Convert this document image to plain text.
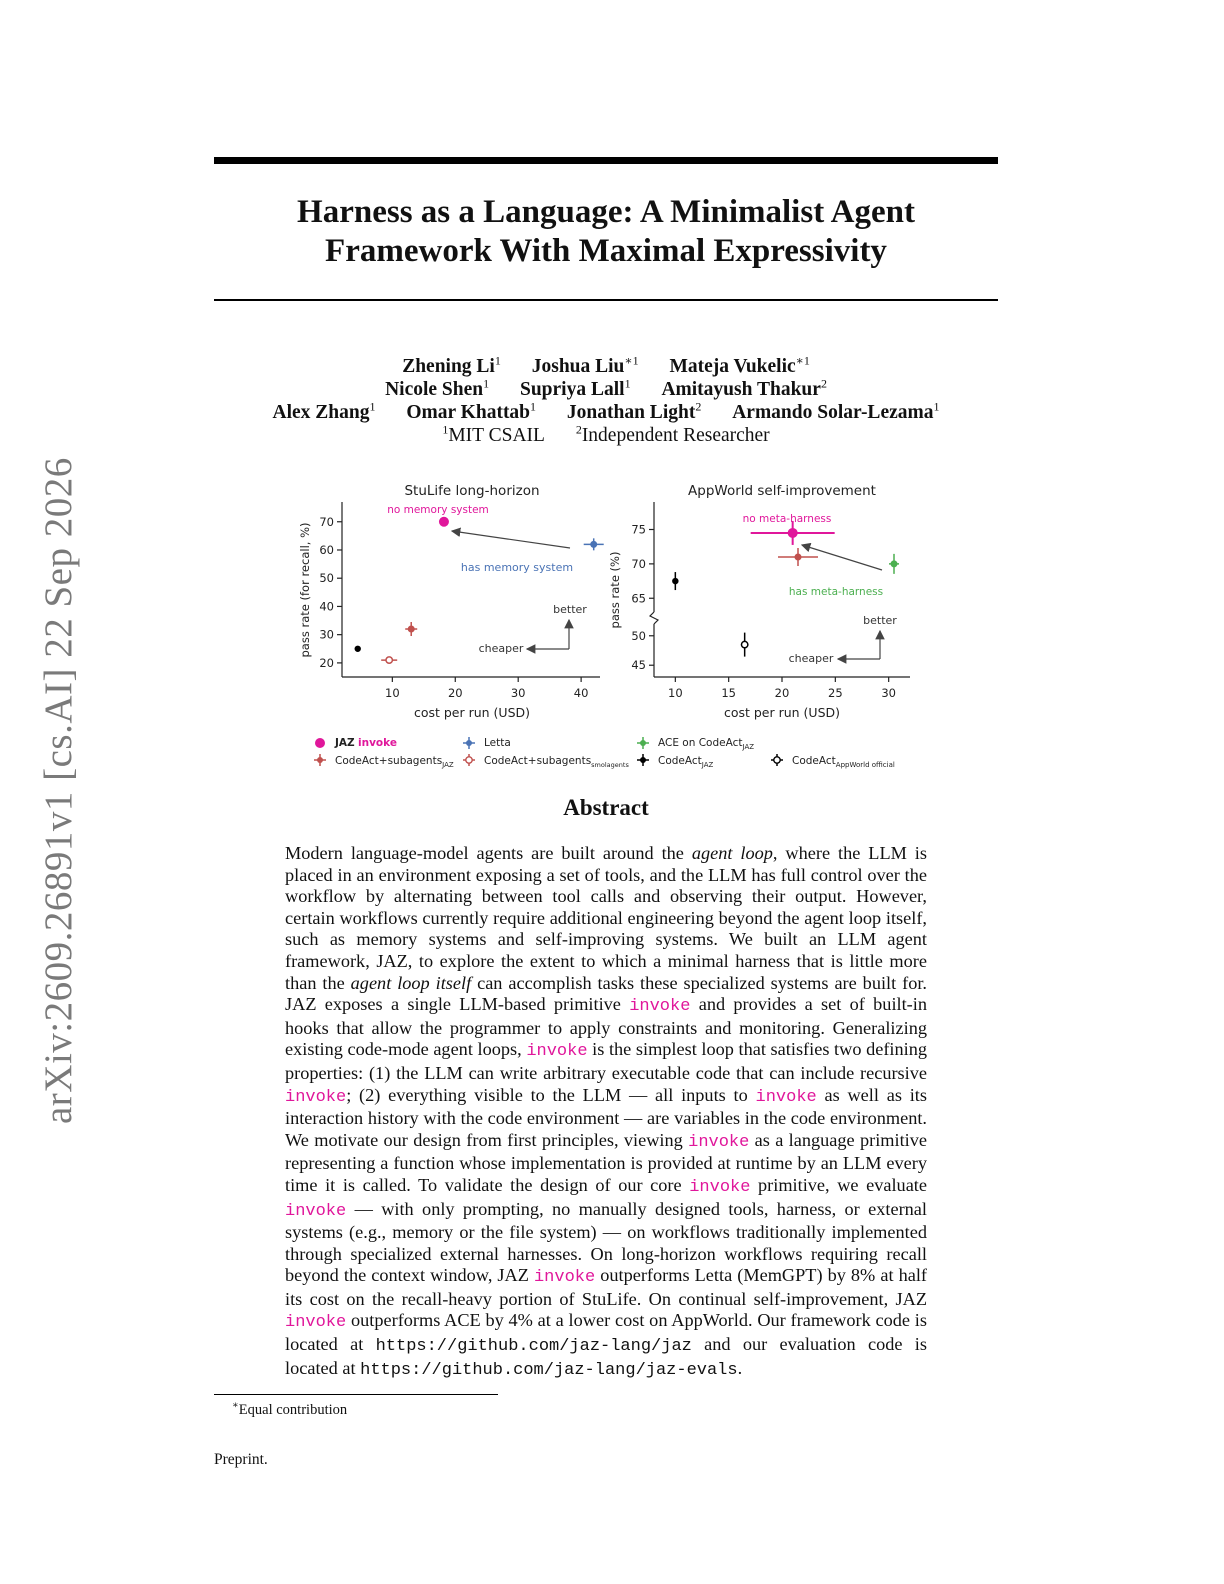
arXiv:2609.26891v1 [cs.AI] 22 Sep 2026
Harness as a Language: A Minimalist Agent
Framework With Maximal Expressivity
Zhening Li$^1$ Joshua Liu$^{∗1}$ Mateja Vukelic$^{∗1}$
Nicole Shen$^1$ Supriya Lall$^1$ Amitayush Thakur$^2$
Alex Zhang$^1$ Omar Khattab$^1$ Jonathan Light$^2$ Armando Solar-Lezama$^1$
$^1$MIT CSAIL	$^2$Independent Researcher
StuLife long-horizon
20
30
40
50
60
70
10	20	30	40
cost per run (USD)
pass rate (for recall, %)
no memory system
has memory system
better
cheaper
AppWorld self-improvement
45
50
65
70
75
10	15	20	25	30
cost per run (USD)
pass rate (%)
no meta-harness
has meta-harness
better
cheaper
JAZ invoke	Letta	ACE on CodeAct$_{JAZ}$
CodeAct+subagents$_{JAZ}$	CodeAct+subagents$_{smolagents}$	CodeAct$_{JAZ}$	CodeAct$_{AppWorld official}$
Abstract
Modern language-model agents are built around the agent loop, where the LLM is placed in an environment exposing a set of tools, and the LLM has full control over the workflow by alternating between tool calls and observing their output. However, certain workflows currently require additional engineering beyond the agent loop itself, such as memory systems and self-improving systems. We built an LLM agent framework, JAZ, to explore the extent to which a minimal harness that is little more than the agent loop itself can accomplish tasks these specialized systems are built for. JAZ exposes a single LLM-based primitive invoke and provides a set of built-in hooks that allow the programmer to apply constraints and monitoring. Generalizing existing code-mode agent loops, invoke is the simplest loop that satisfies two defining properties: (1) the LLM can write arbitrary executable code that can include recursive invoke; (2) everything visible to the LLM — all inputs to invoke as well as its interaction history with the code environment — are variables in the code environment. We motivate our design from first principles, viewing invoke as a language primitive representing a function whose implementation is provided at runtime by an LLM every time it is called. To validate the design of our core invoke primitive, we evaluate invoke — with only prompting, no manually designed tools, harness, or external systems (e.g., memory or the file system) — on workflows traditionally implemented through specialized external harnesses. On long-horizon workflows requiring recall beyond the context window, JAZ invoke outperforms Letta (MemGPT) by 8% at half its cost on the recall-heavy portion of StuLife. On continual self-improvement, JAZ invoke outperforms ACE by 4% at a lower cost on AppWorld. Our framework code is located at https://github.com/jaz-lang/jaz and our evaluation code is located at https://github.com/jaz-lang/jaz-evals.
∗Equal contribution
Preprint.
